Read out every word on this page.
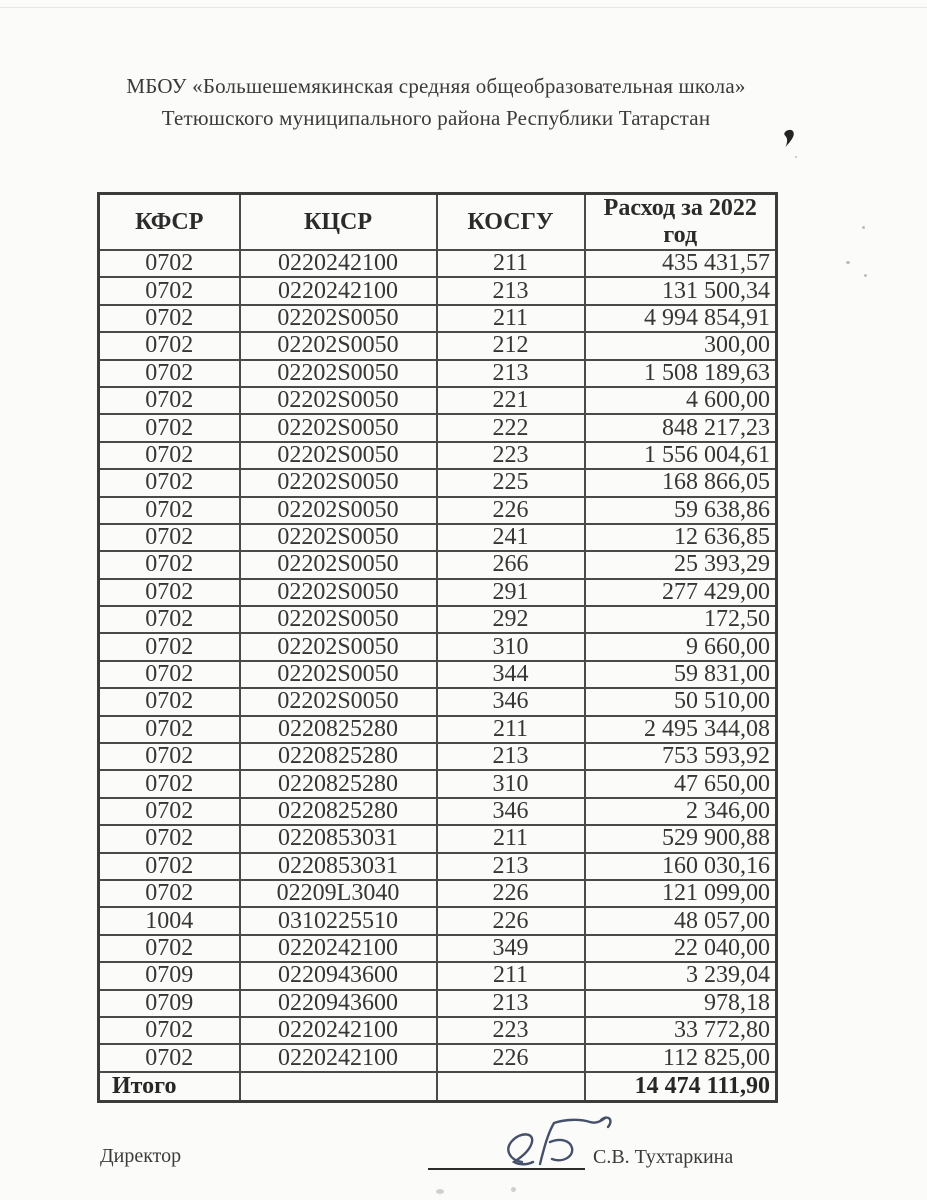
МБОУ «Большешемякинская средняя общеобразовательная школа»
Тетюшского муниципального района Республики Татарстан
КФСР	КЦСР	КОСГУ	Расход за 2022 год
0702	0220242100	211	435 431,57
0702	0220242100	213	131 500,34
0702	02202S0050	211	4 994 854,91
0702	02202S0050	212	300,00
0702	02202S0050	213	1 508 189,63
0702	02202S0050	221	4 600,00
0702	02202S0050	222	848 217,23
0702	02202S0050	223	1 556 004,61
0702	02202S0050	225	168 866,05
0702	02202S0050	226	59 638,86
0702	02202S0050	241	12 636,85
0702	02202S0050	266	25 393,29
0702	02202S0050	291	277 429,00
0702	02202S0050	292	172,50
0702	02202S0050	310	9 660,00
0702	02202S0050	344	59 831,00
0702	02202S0050	346	50 510,00
0702	0220825280	211	2 495 344,08
0702	0220825280	213	753 593,92
0702	0220825280	310	47 650,00
0702	0220825280	346	2 346,00
0702	0220853031	211	529 900,88
0702	0220853031	213	160 030,16
0702	02209L3040	226	121 099,00
1004	0310225510	226	48 057,00
0702	0220242100	349	22 040,00
0709	0220943600	211	3 239,04
0709	0220943600	213	978,18
0702	0220242100	223	33 772,80
0702	0220242100	226	112 825,00
Итого			14 474 111,90
Директор	С.В. Тухтаркина
